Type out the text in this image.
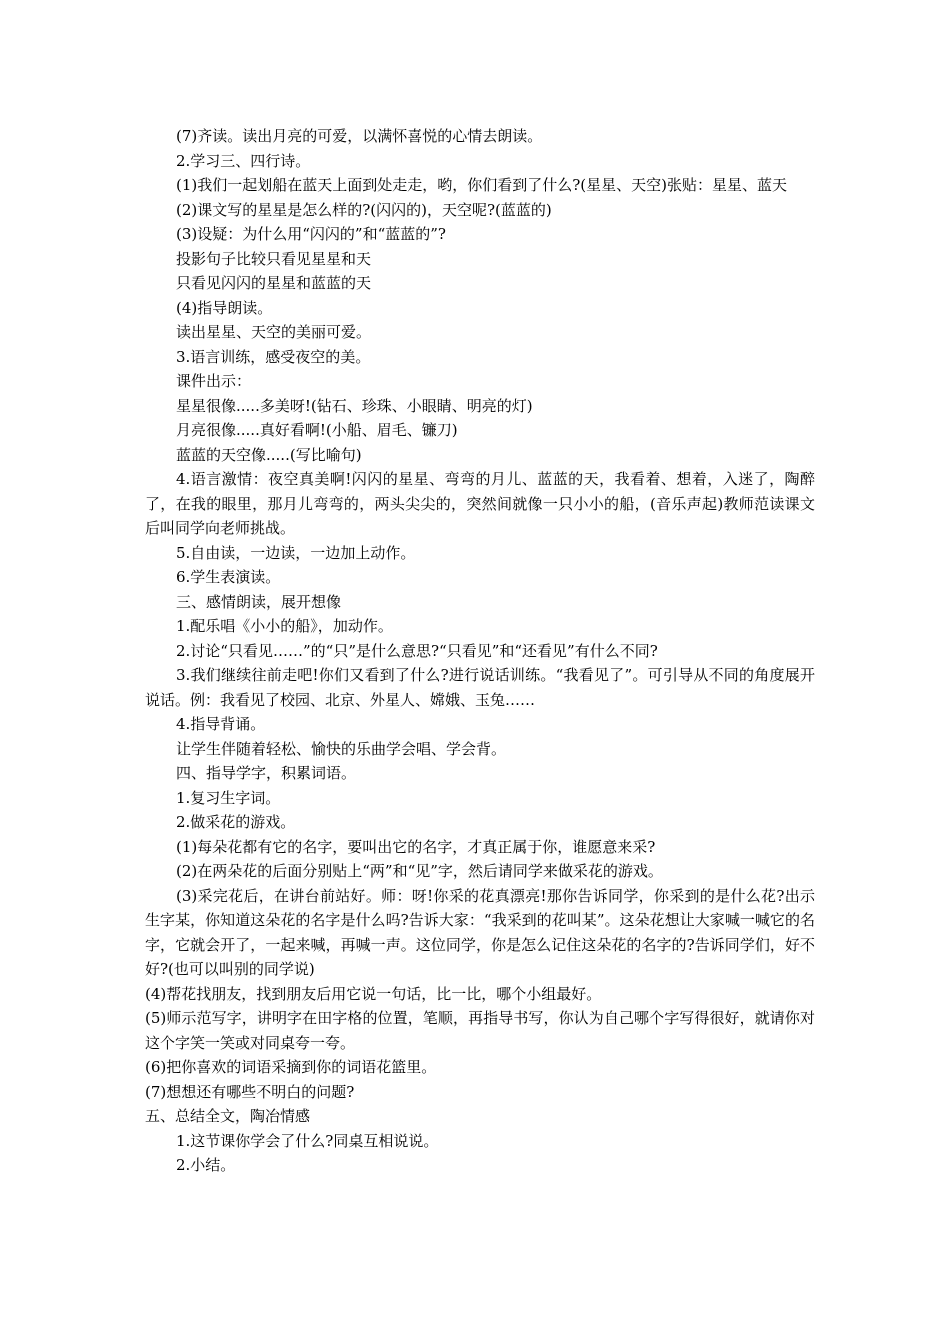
(7)齐读。读出月亮的可爱，以满怀喜悦的心情去朗读。

2.学习三、四行诗。

(1)我们一起划船在蓝天上面到处走走，哟，你们看到了什么?(星星、天空)张贴：星星、蓝天

(2)课文写的星星是怎么样的?(闪闪的)，天空呢?(蓝蓝的)

(3)设疑：为什么用“闪闪的”和“蓝蓝的”?

投影句子比较只看见星星和天

只看见闪闪的星星和蓝蓝的天

(4)指导朗读。

读出星星、天空的美丽可爱。

3.语言训练，感受夜空的美。

课件出示：

星星很像.....多美呀!(钻石、珍珠、小眼睛、明亮的灯)

月亮很像.....真好看啊!(小船、眉毛、镰刀)

蓝蓝的天空像.....(写比喻句)

4.语言激情：夜空真美啊!闪闪的星星、弯弯的月儿、蓝蓝的天，我看着、想着，入迷了，陶醉了，在我的眼里，那月儿弯弯的，两头尖尖的，突然间就像一只小小的船，(音乐声起)教师范读课文后叫同学向老师挑战。

5.自由读，一边读，一边加上动作。

6.学生表演读。

三、感情朗读，展开想像

1.配乐唱《小小的船》，加动作。

2.讨论“只看见……”的“只”是什么意思?“只看见”和“还看见”有什么不同?

3.我们继续往前走吧!你们又看到了什么?进行说话训练。“我看见了”。可引导从不同的角度展开说话。例：我看见了校园、北京、外星人、嫦娥、玉兔……

4.指导背诵。

让学生伴随着轻松、愉快的乐曲学会唱、学会背。

四、指导学字，积累词语。

1.复习生字词。

2.做采花的游戏。

(1)每朵花都有它的名字，要叫出它的名字，才真正属于你，谁愿意来采?

(2)在两朵花的后面分别贴上“两”和“见”字，然后请同学来做采花的游戏。

(3)采完花后，在讲台前站好。师：呀!你采的花真漂亮!那你告诉同学，你采到的是什么花?出示生字某，你知道这朵花的名字是什么吗?告诉大家：“我采到的花叫某”。这朵花想让大家喊一喊它的名字，它就会开了，一起来喊，再喊一声。这位同学，你是怎么记住这朵花的名字的?告诉同学们，好不好?(也可以叫别的同学说)

(4)帮花找朋友，找到朋友后用它说一句话，比一比，哪个小组最好。

(5)师示范写字，讲明字在田字格的位置，笔顺，再指导书写，你认为自己哪个字写得很好，就请你对这个字笑一笑或对同桌夸一夸。

(6)把你喜欢的词语采摘到你的词语花篮里。

(7)想想还有哪些不明白的问题?

五、总结全文，陶冶情感

1.这节课你学会了什么?同桌互相说说。

2.小结。
